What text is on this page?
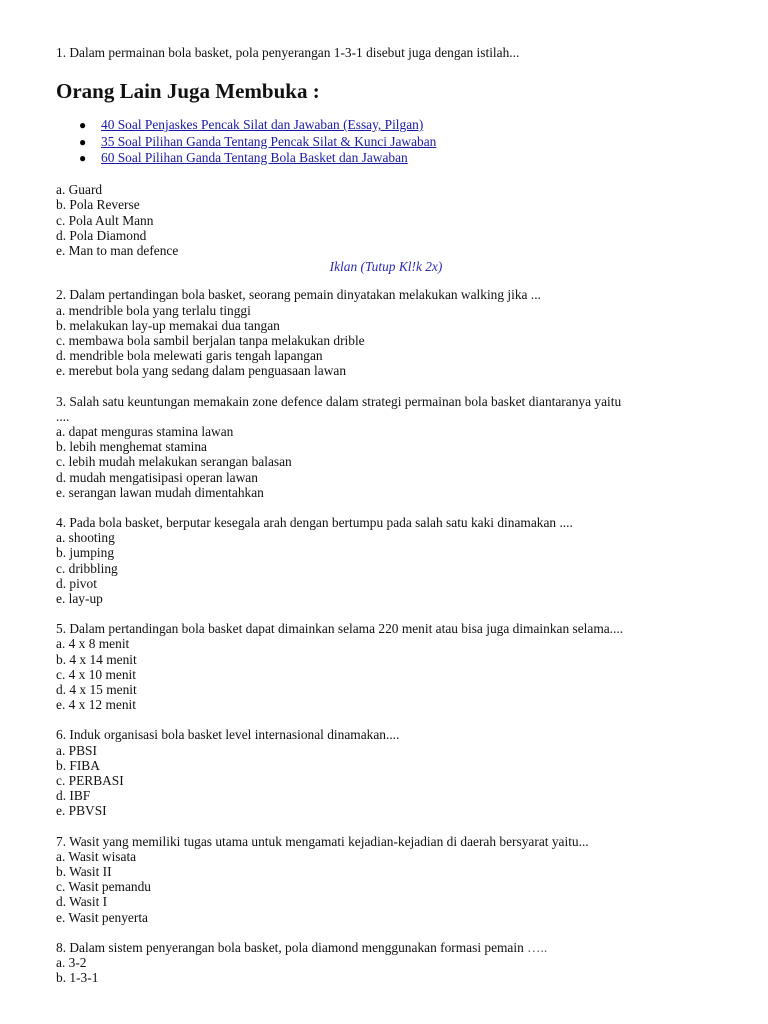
1. Dalam permainan bola basket, pola penyerangan 1-3-1 disebut juga dengan istilah...

Orang Lain Juga Membuka :
● 40 Soal Penjaskes Pencak Silat dan Jawaban (Essay, Pilgan)
● 35 Soal Pilihan Ganda Tentang Pencak Silat & Kunci Jawaban
● 60 Soal Pilihan Ganda Tentang Bola Basket dan Jawaban

a. Guard

b. Pola Reverse

c. Pola Ault Mann

d. Pola Diamond

e. Man to man defence

Iklan (Tutup Kl!k 2x)

2. Dalam pertandingan bola basket, seorang pemain dinyatakan melakukan walking jika ...

a. mendrible bola yang terlalu tinggi

b. melakukan lay-up memakai dua tangan

c. membawa bola sambil berjalan tanpa melakukan drible

d. mendrible bola melewati garis tengah lapangan

e. merebut bola yang sedang dalam penguasaan lawan

3. Salah satu keuntungan memakain zone defence dalam strategi permainan bola basket diantaranya yaitu

....

a. dapat menguras stamina lawan

b. lebih menghemat stamina

c. lebih mudah melakukan serangan balasan

d. mudah mengatisipasi operan lawan

e. serangan lawan mudah dimentahkan

4. Pada bola basket, berputar kesegala arah dengan bertumpu pada salah satu kaki dinamakan ....

a. shooting

b. jumping

c. dribbling

d. pivot

e. lay-up

5. Dalam pertandingan bola basket dapat dimainkan selama 220 menit atau bisa juga dimainkan selama....

a. 4 x 8 menit

b. 4 x 14 menit

c. 4 x 10 menit

d. 4 x 15 menit

e. 4 x 12 menit

6. Induk organisasi bola basket level internasional dinamakan....

a. PBSI

b. FIBA

c. PERBASI

d. IBF

e. PBVSI

7. Wasit yang memiliki tugas utama untuk mengamati kejadian-kejadian di daerah bersyarat yaitu...

a. Wasit wisata

b. Wasit II

c. Wasit pemandu

d. Wasit I

e. Wasit penyerta

8. Dalam sistem penyerangan bola basket, pola diamond menggunakan formasi pemain …..

a. 3-2

b. 1-3-1
